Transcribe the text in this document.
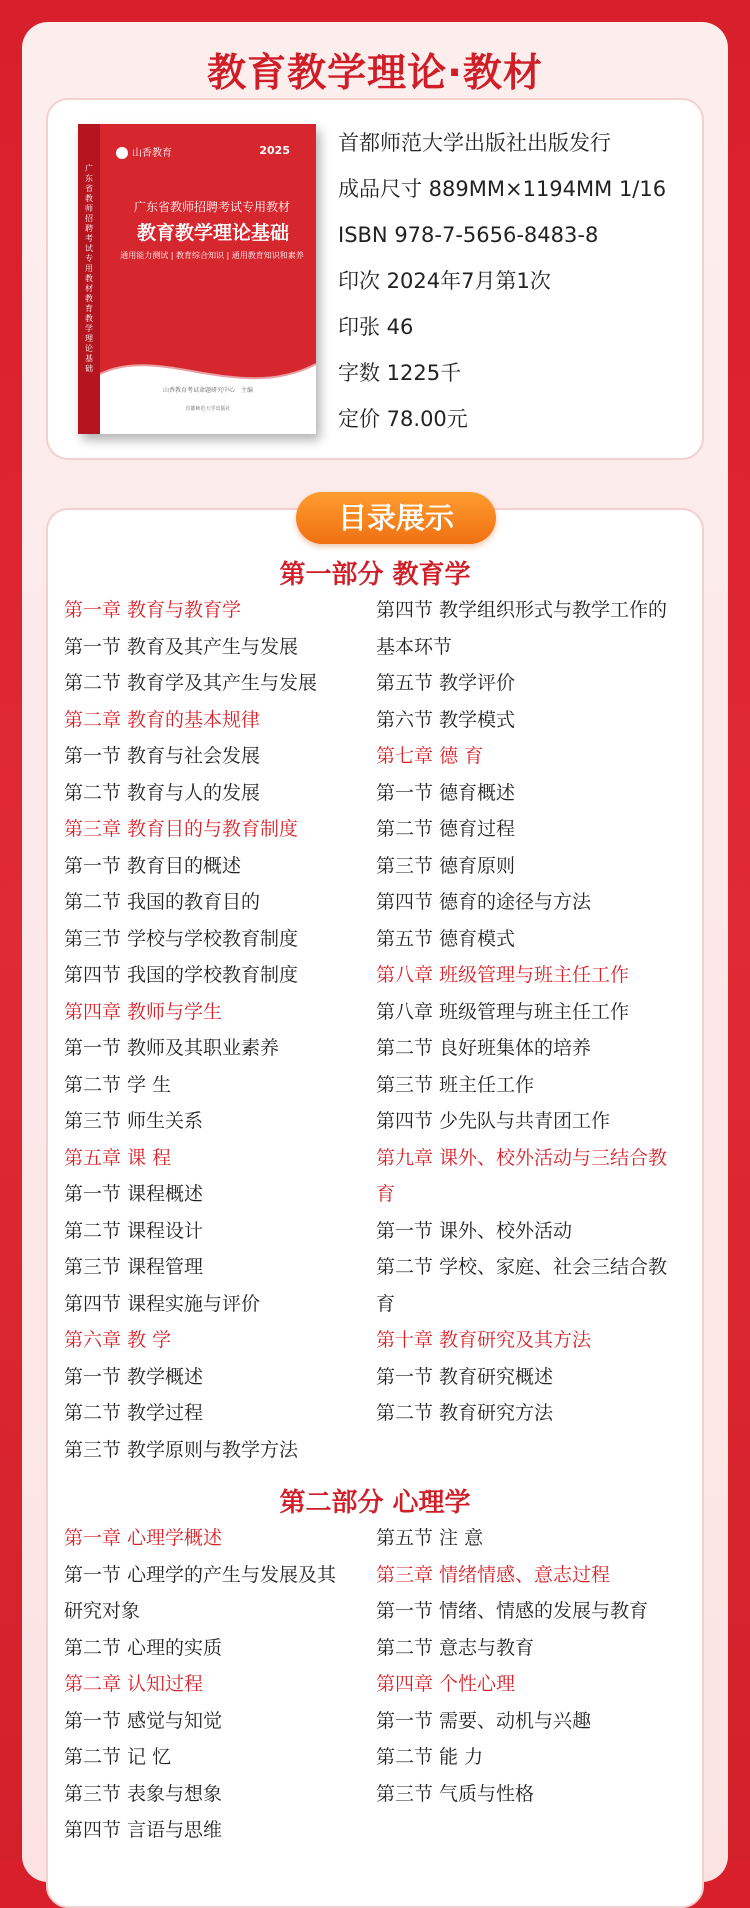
教育教学理论·教材
广东省教师招聘考试专用教材 教育教学理论基础
山香教育	2025
广东省教师招聘考试专用教材
教育教学理论基础
通用能力测试 | 教育综合知识 | 通用教育知识和素养
山香教育考试命题研究中心　主编
首都师范大学出版社
首都师范大学出版社出版发行
成品尺寸 889MM×1194MM 1/16
ISBN 978-7-5656-8483-8
印次 2024年7月第1次
印张 46
字数 1225千
定价 78.00元
目录展示
第一部分 教育学
第一章 教育与教育学
第一节 教育及其产生与发展
第二节 教育学及其产生与发展
第二章 教育的基本规律
第一节 教育与社会发展
第二节 教育与人的发展
第三章 教育目的与教育制度
第一节 教育目的概述
第二节 我国的教育目的
第三节 学校与学校教育制度
第四节 我国的学校教育制度
第四章 教师与学生
第一节 教师及其职业素养
第二节 学 生
第三节 师生关系
第五章 课 程
第一节 课程概述
第二节 课程设计
第三节 课程管理
第四节 课程实施与评价
第六章 教 学
第一节 教学概述
第二节 教学过程
第三节 教学原则与教学方法
第四节 教学组织形式与教学工作的
基本环节
第五节 教学评价
第六节 教学模式
第七章 德 育
第一节 德育概述
第二节 德育过程
第三节 德育原则
第四节 德育的途径与方法
第五节 德育模式
第八章 班级管理与班主任工作
第八章 班级管理与班主任工作
第二节 良好班集体的培养
第三节 班主任工作
第四节 少先队与共青团工作
第九章 课外、校外活动与三结合教
育
第一节 课外、校外活动
第二节 学校、家庭、社会三结合教
育
第十章 教育研究及其方法
第一节 教育研究概述
第二节 教育研究方法
第二部分 心理学
第一章 心理学概述
第一节 心理学的产生与发展及其
研究对象
第二节 心理的实质
第二章 认知过程
第一节 感觉与知觉
第二节 记 忆
第三节 表象与想象
第四节 言语与思维
第五节 注 意
第三章 情绪情感、意志过程
第一节 情绪、情感的发展与教育
第二节 意志与教育
第四章 个性心理
第一节 需要、动机与兴趣
第二节 能 力
第三节 气质与性格
